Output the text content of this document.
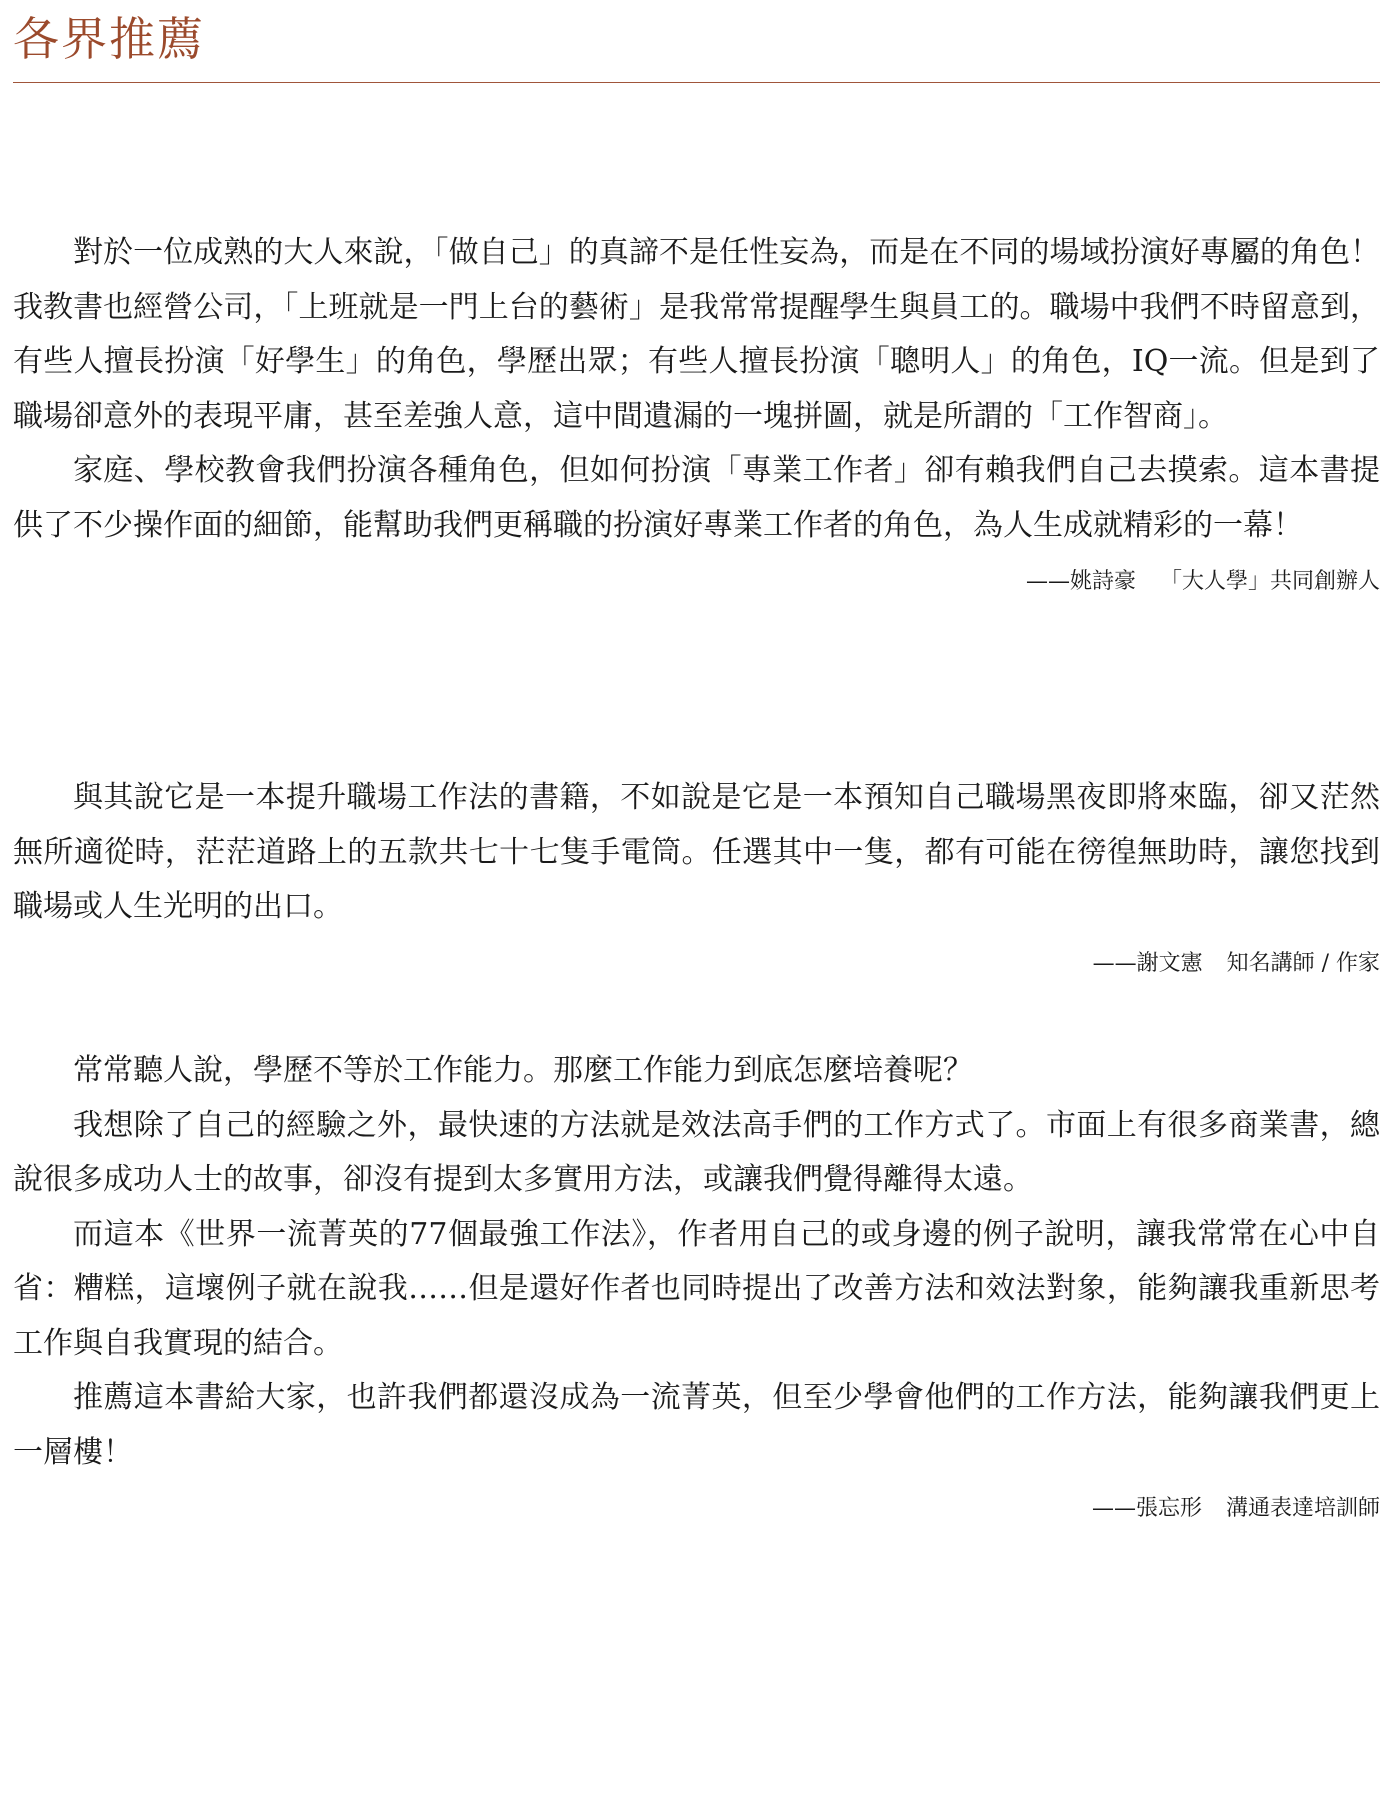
各界推薦

對於一位成熟的大人來說，「做自己」的真諦不是任性妄為，而是在不同的場域扮演好專屬的角色！我教書也經營公司，「上班就是一門上台的藝術」是我常常提醒學生與員工的。職場中我們不時留意到，有些人擅長扮演「好學生」的角色，學歷出眾；有些人擅長扮演「聰明人」的角色，IQ一流。但是到了職場卻意外的表現平庸，甚至差強人意，這中間遺漏的一塊拼圖，就是所謂的「工作智商」。

家庭、學校教會我們扮演各種角色，但如何扮演「專業工作者」卻有賴我們自己去摸索。這本書提供了不少操作面的細節，能幫助我們更稱職的扮演好專業工作者的角色，為人生成就精彩的一幕！

——姚詩豪 「大人學」共同創辦人

與其說它是一本提升職場工作法的書籍，不如說是它是一本預知自己職場黑夜即將來臨，卻又茫然無所適從時，茫茫道路上的五款共七十七隻手電筒。任選其中一隻，都有可能在徬徨無助時，讓您找到職場或人生光明的出口。

——謝文憲 知名講師 / 作家

常常聽人說，學歷不等於工作能力。那麼工作能力到底怎麼培養呢？

我想除了自己的經驗之外，最快速的方法就是效法高手們的工作方式了。市面上有很多商業書，總說很多成功人士的故事，卻沒有提到太多實用方法，或讓我們覺得離得太遠。

而這本《世界一流菁英的77個最強工作法》，作者用自己的或身邊的例子說明，讓我常常在心中自省：糟糕，這壞例子就在說我……但是還好作者也同時提出了改善方法和效法對象，能夠讓我重新思考工作與自我實現的結合。

推薦這本書給大家，也許我們都還沒成為一流菁英，但至少學會他們的工作方法，能夠讓我們更上一層樓！

——張忘形 溝通表達培訓師
